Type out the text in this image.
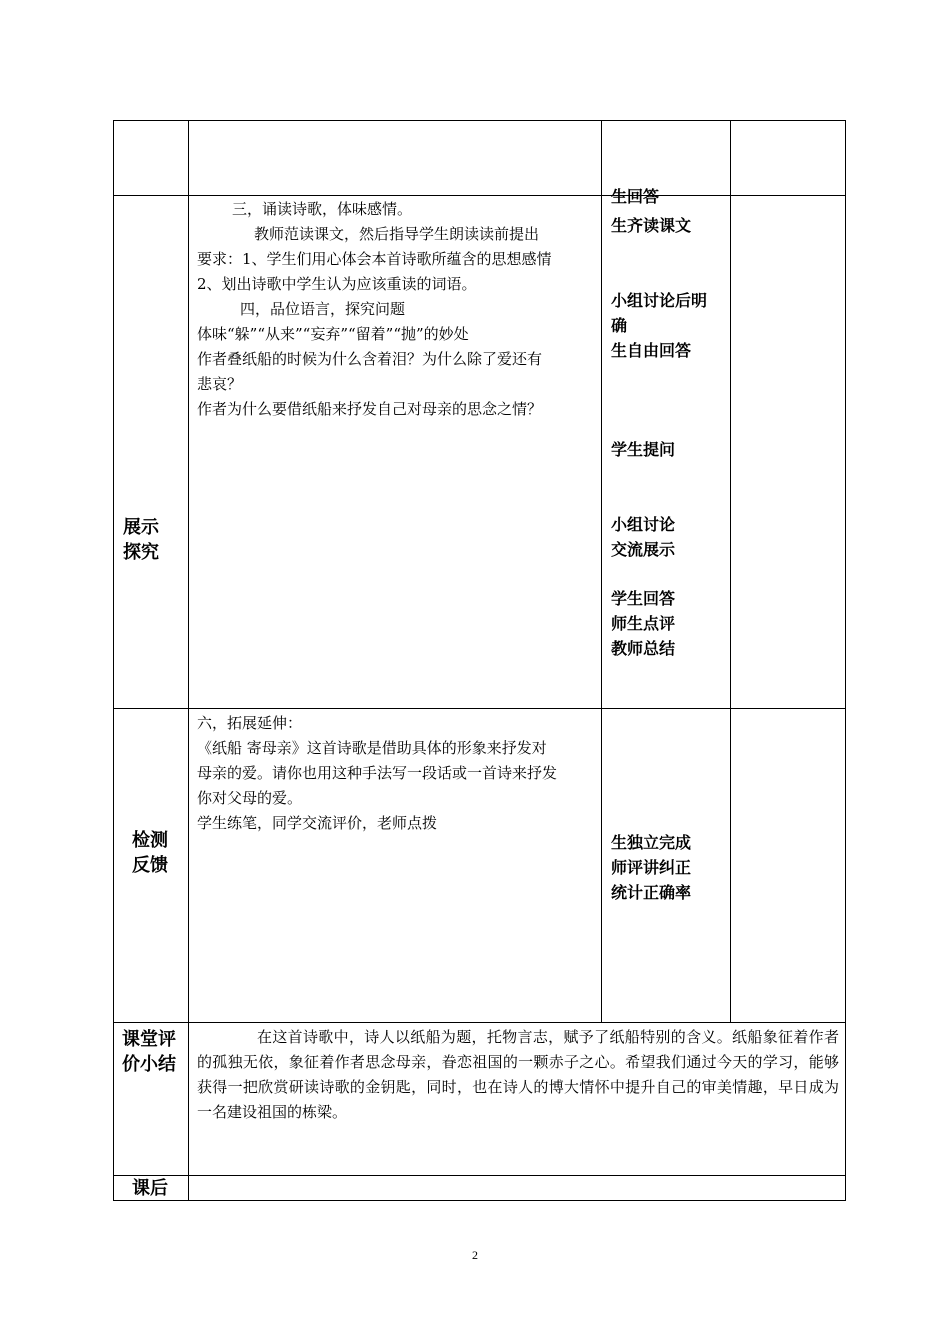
展示
探究
三，诵读诗歌，体味感情。
教师范读课文，然后指导学生朗读读前提出
要求：1、学生们用心体会本首诗歌所蕴含的思想感情
2、划出诗歌中学生认为应该重读的词语。
四，品位语言，探究问题
体味“躲”“从来”“妄弃”“留着”“抛”的妙处
作者叠纸船的时候为什么含着泪？为什么除了爱还有
悲哀？
作者为什么要借纸船来抒发自己对母亲的思念之情？
生回答
生齐读课文
小组讨论后明
确
生自由回答
学生提问
小组讨论
交流展示
学生回答
师生点评
教师总结
检测
反馈
六，拓展延伸：
《纸船 寄母亲》这首诗歌是借助具体的形象来抒发对
母亲的爱。请你也用这种手法写一段话或一首诗来抒发
你对父母的爱。
学生练笔，同学交流评价，老师点拨
生独立完成
师评讲纠正
统计正确率
课堂评
价小结
在这首诗歌中，诗人以纸船为题，托物言志，赋予了纸船特别的含义。纸船象征着作者的孤独无依，象征着作者思念母亲，眷恋祖国的一颗赤子之心。希望我们通过今天的学习，能够获得一把欣赏研读诗歌的金钥匙，同时，也在诗人的博大情怀中提升自己的审美情趣，早日成为一名建设祖国的栋梁。
课后
2
